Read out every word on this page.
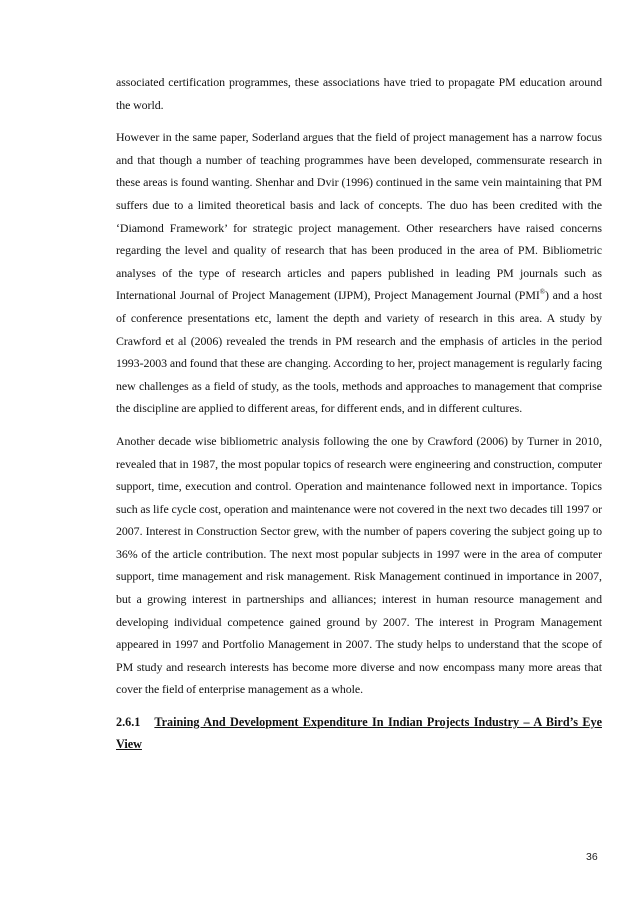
associated certification programmes, these associations have tried to propagate PM education around the world.

However in the same paper, Soderland argues that the field of project management has a narrow focus and that though a number of teaching programmes have been developed, commensurate research in these areas is found wanting. Shenhar and Dvir (1996) continued in the same vein maintaining that PM suffers due to a limited theoretical basis and lack of concepts. The duo has been credited with the ‘Diamond Framework’ for strategic project management. Other researchers have raised concerns regarding the level and quality of research that has been produced in the area of PM. Bibliometric analyses of the type of research articles and papers published in leading PM journals such as International Journal of Project Management (IJPM), Project Management Journal (PMI®) and a host of conference presentations etc, lament the depth and variety of research in this area. A study by Crawford et al (2006) revealed the trends in PM research and the emphasis of articles in the period 1993-2003 and found that these are changing. According to her, project management is regularly facing new challenges as a field of study, as the tools, methods and approaches to management that comprise the discipline are applied to different areas, for different ends, and in different cultures.

Another decade wise bibliometric analysis following the one by Crawford (2006) by Turner in 2010, revealed that in 1987, the most popular topics of research were engineering and construction, computer support, time, execution and control. Operation and maintenance followed next in importance. Topics such as life cycle cost, operation and maintenance were not covered in the next two decades till 1997 or 2007. Interest in Construction Sector grew, with the number of papers covering the subject going up to 36% of the article contribution. The next most popular subjects in 1997 were in the area of computer support, time management and risk management. Risk Management continued in importance in 2007, but a growing interest in partnerships and alliances; interest in human resource management and developing individual competence gained ground by 2007. The interest in Program Management appeared in 1997 and Portfolio Management in 2007. The study helps to understand that the scope of PM study and research interests has become more diverse and now encompass many more areas that cover the field of enterprise management as a whole.

2.6.1 Training And Development Expenditure In Indian Projects Industry – A Bird’s Eye View
36
